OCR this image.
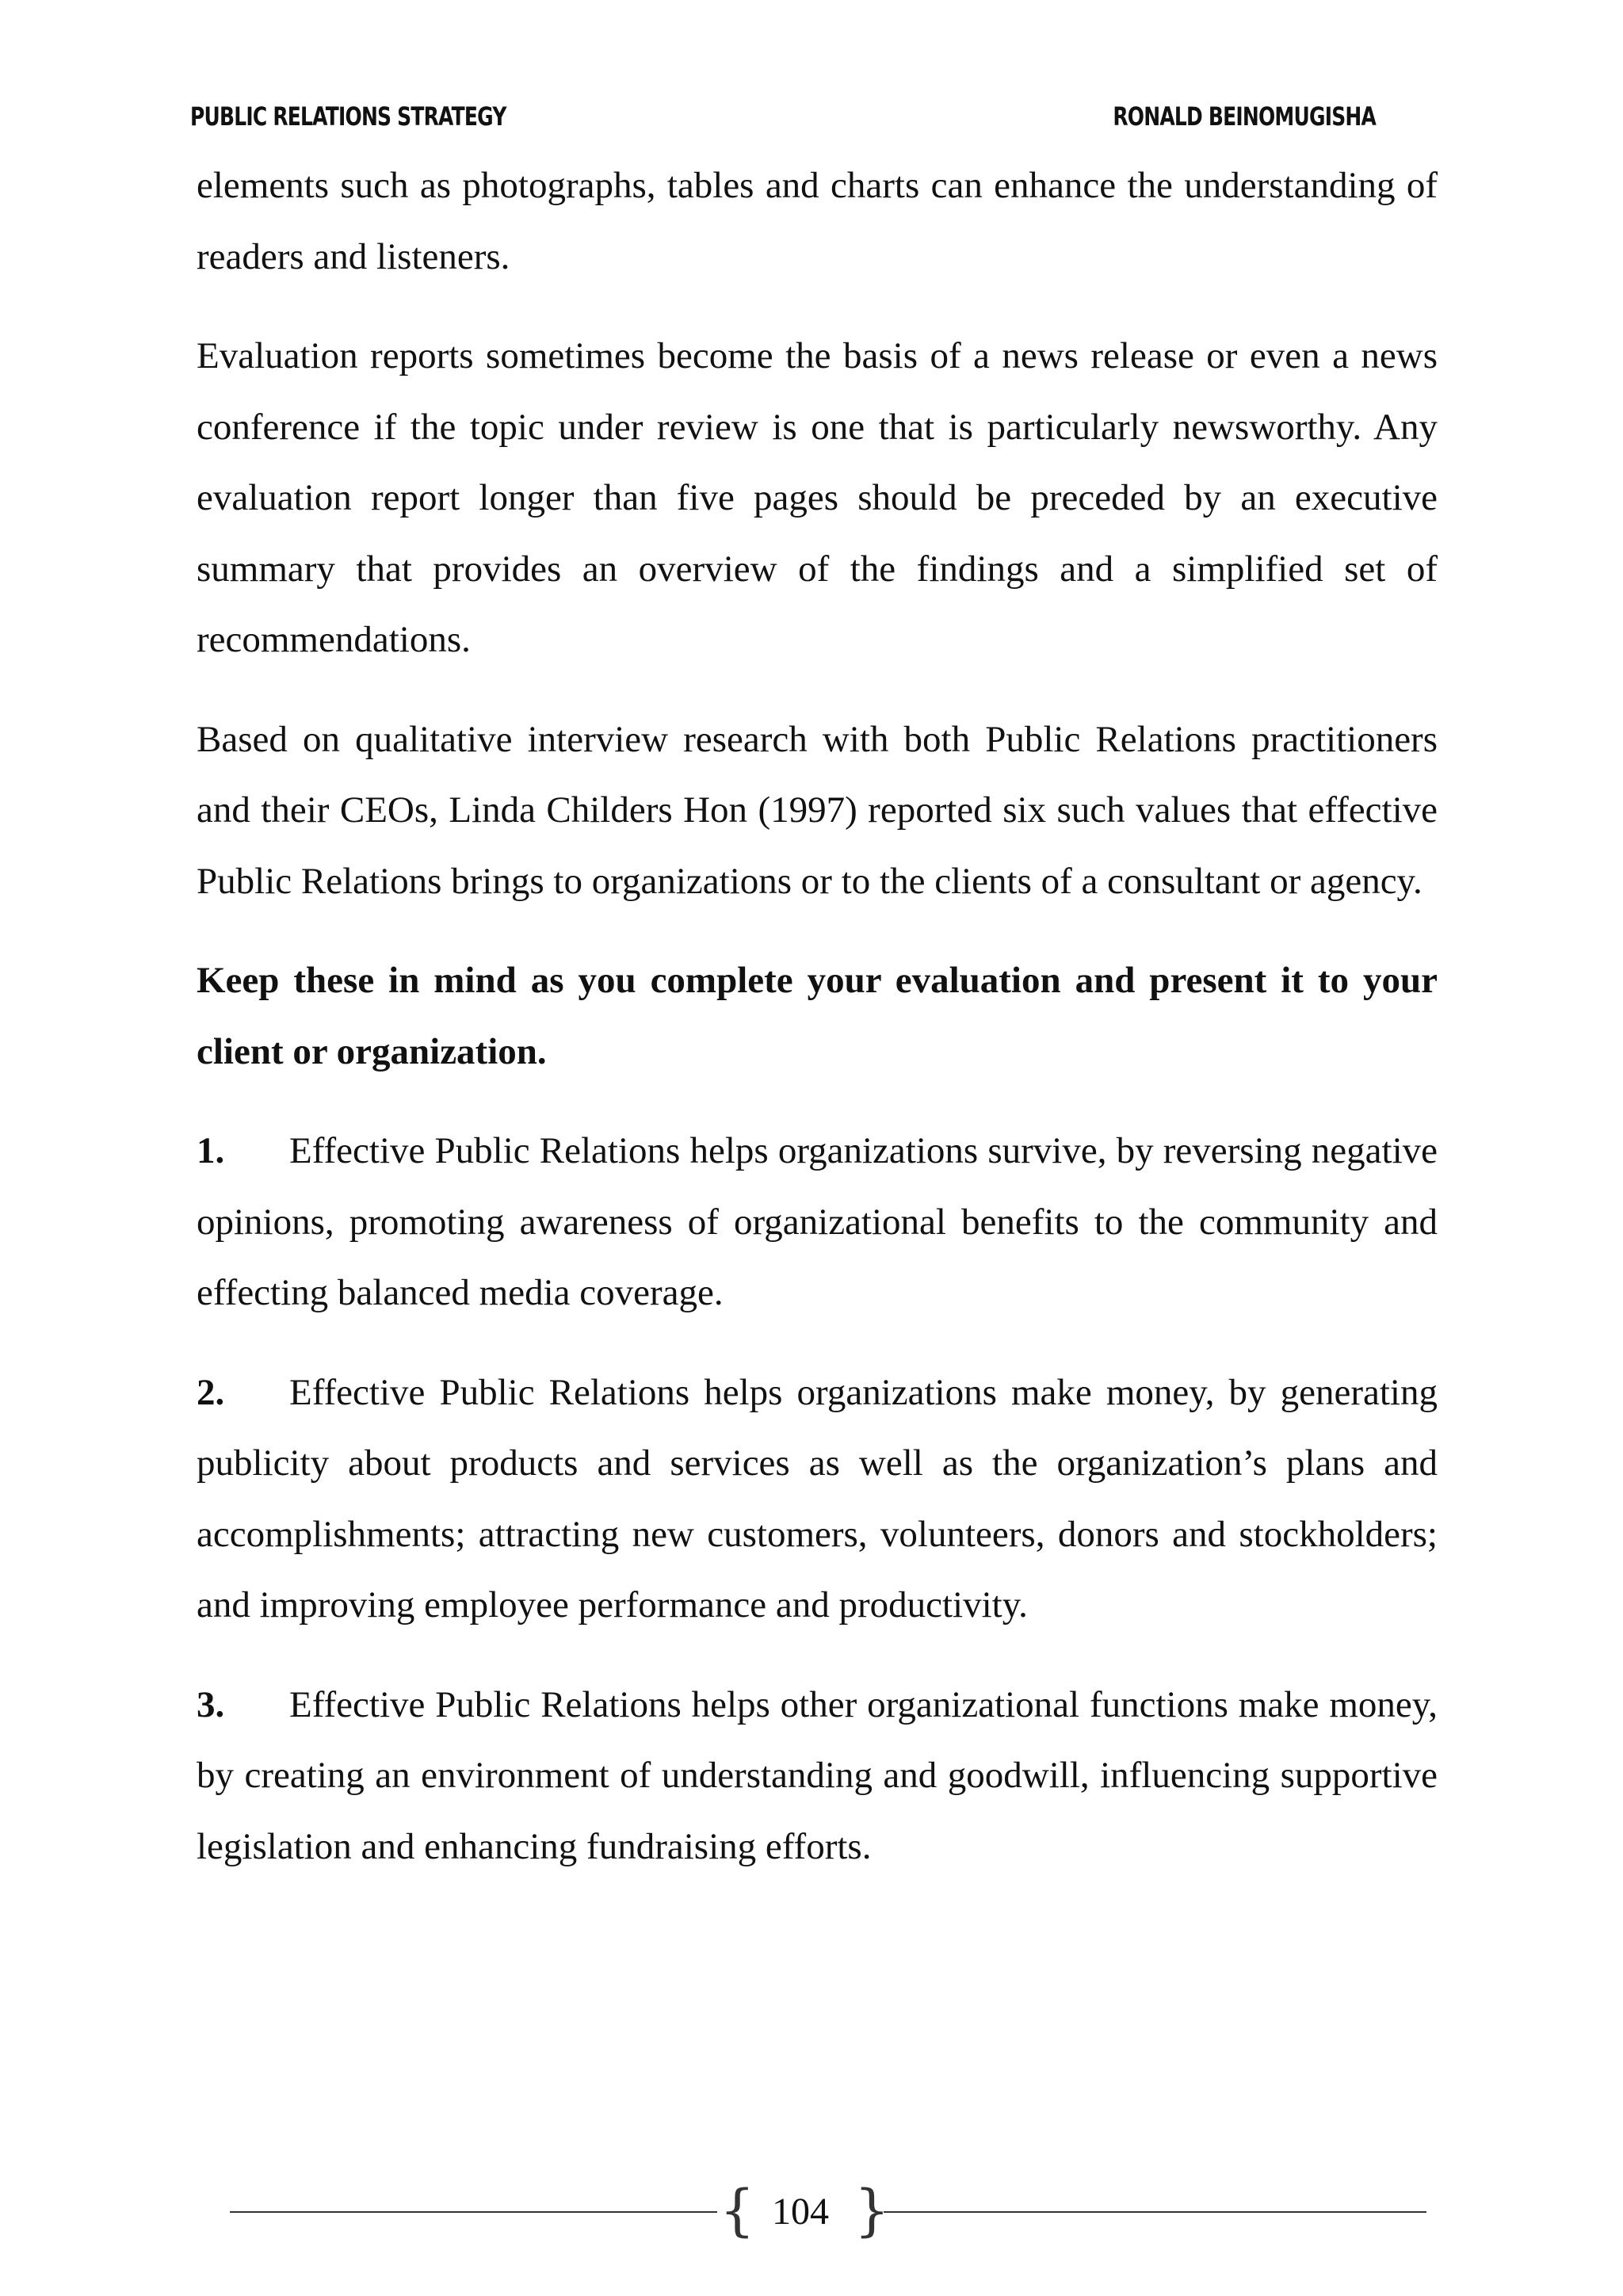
PUBLIC RELATIONS STRATEGY	RONALD BEINOMUGISHA

elements such as photographs, tables and charts can enhance the understanding of readers and listeners.

Evaluation reports sometimes become the basis of a news release or even a news conference if the topic under review is one that is particularly newsworthy. Any evaluation report longer than five pages should be preceded by an executive summary that provides an overview of the findings and a simplified set of recommendations.

Based on qualitative interview research with both Public Relations practitioners and their CEOs, Linda Childers Hon (1997) reported six such values that effective Public Relations brings to organizations or to the clients of a consultant or agency.

Keep these in mind as you complete your evaluation and present it to your client or organization.

1. Effective Public Relations helps organizations survive, by reversing negative opinions, promoting awareness of organizational benefits to the community and effecting balanced media coverage.

2. Effective Public Relations helps organizations make money, by generating publicity about products and services as well as the organization’s plans and accomplishments; attracting new customers, volunteers, donors and stockholders; and improving employee performance and productivity.

3. Effective Public Relations helps other organizational functions make money, by creating an environment of understanding and goodwill, influencing supportive legislation and enhancing fundraising efforts.

{ 104 }
